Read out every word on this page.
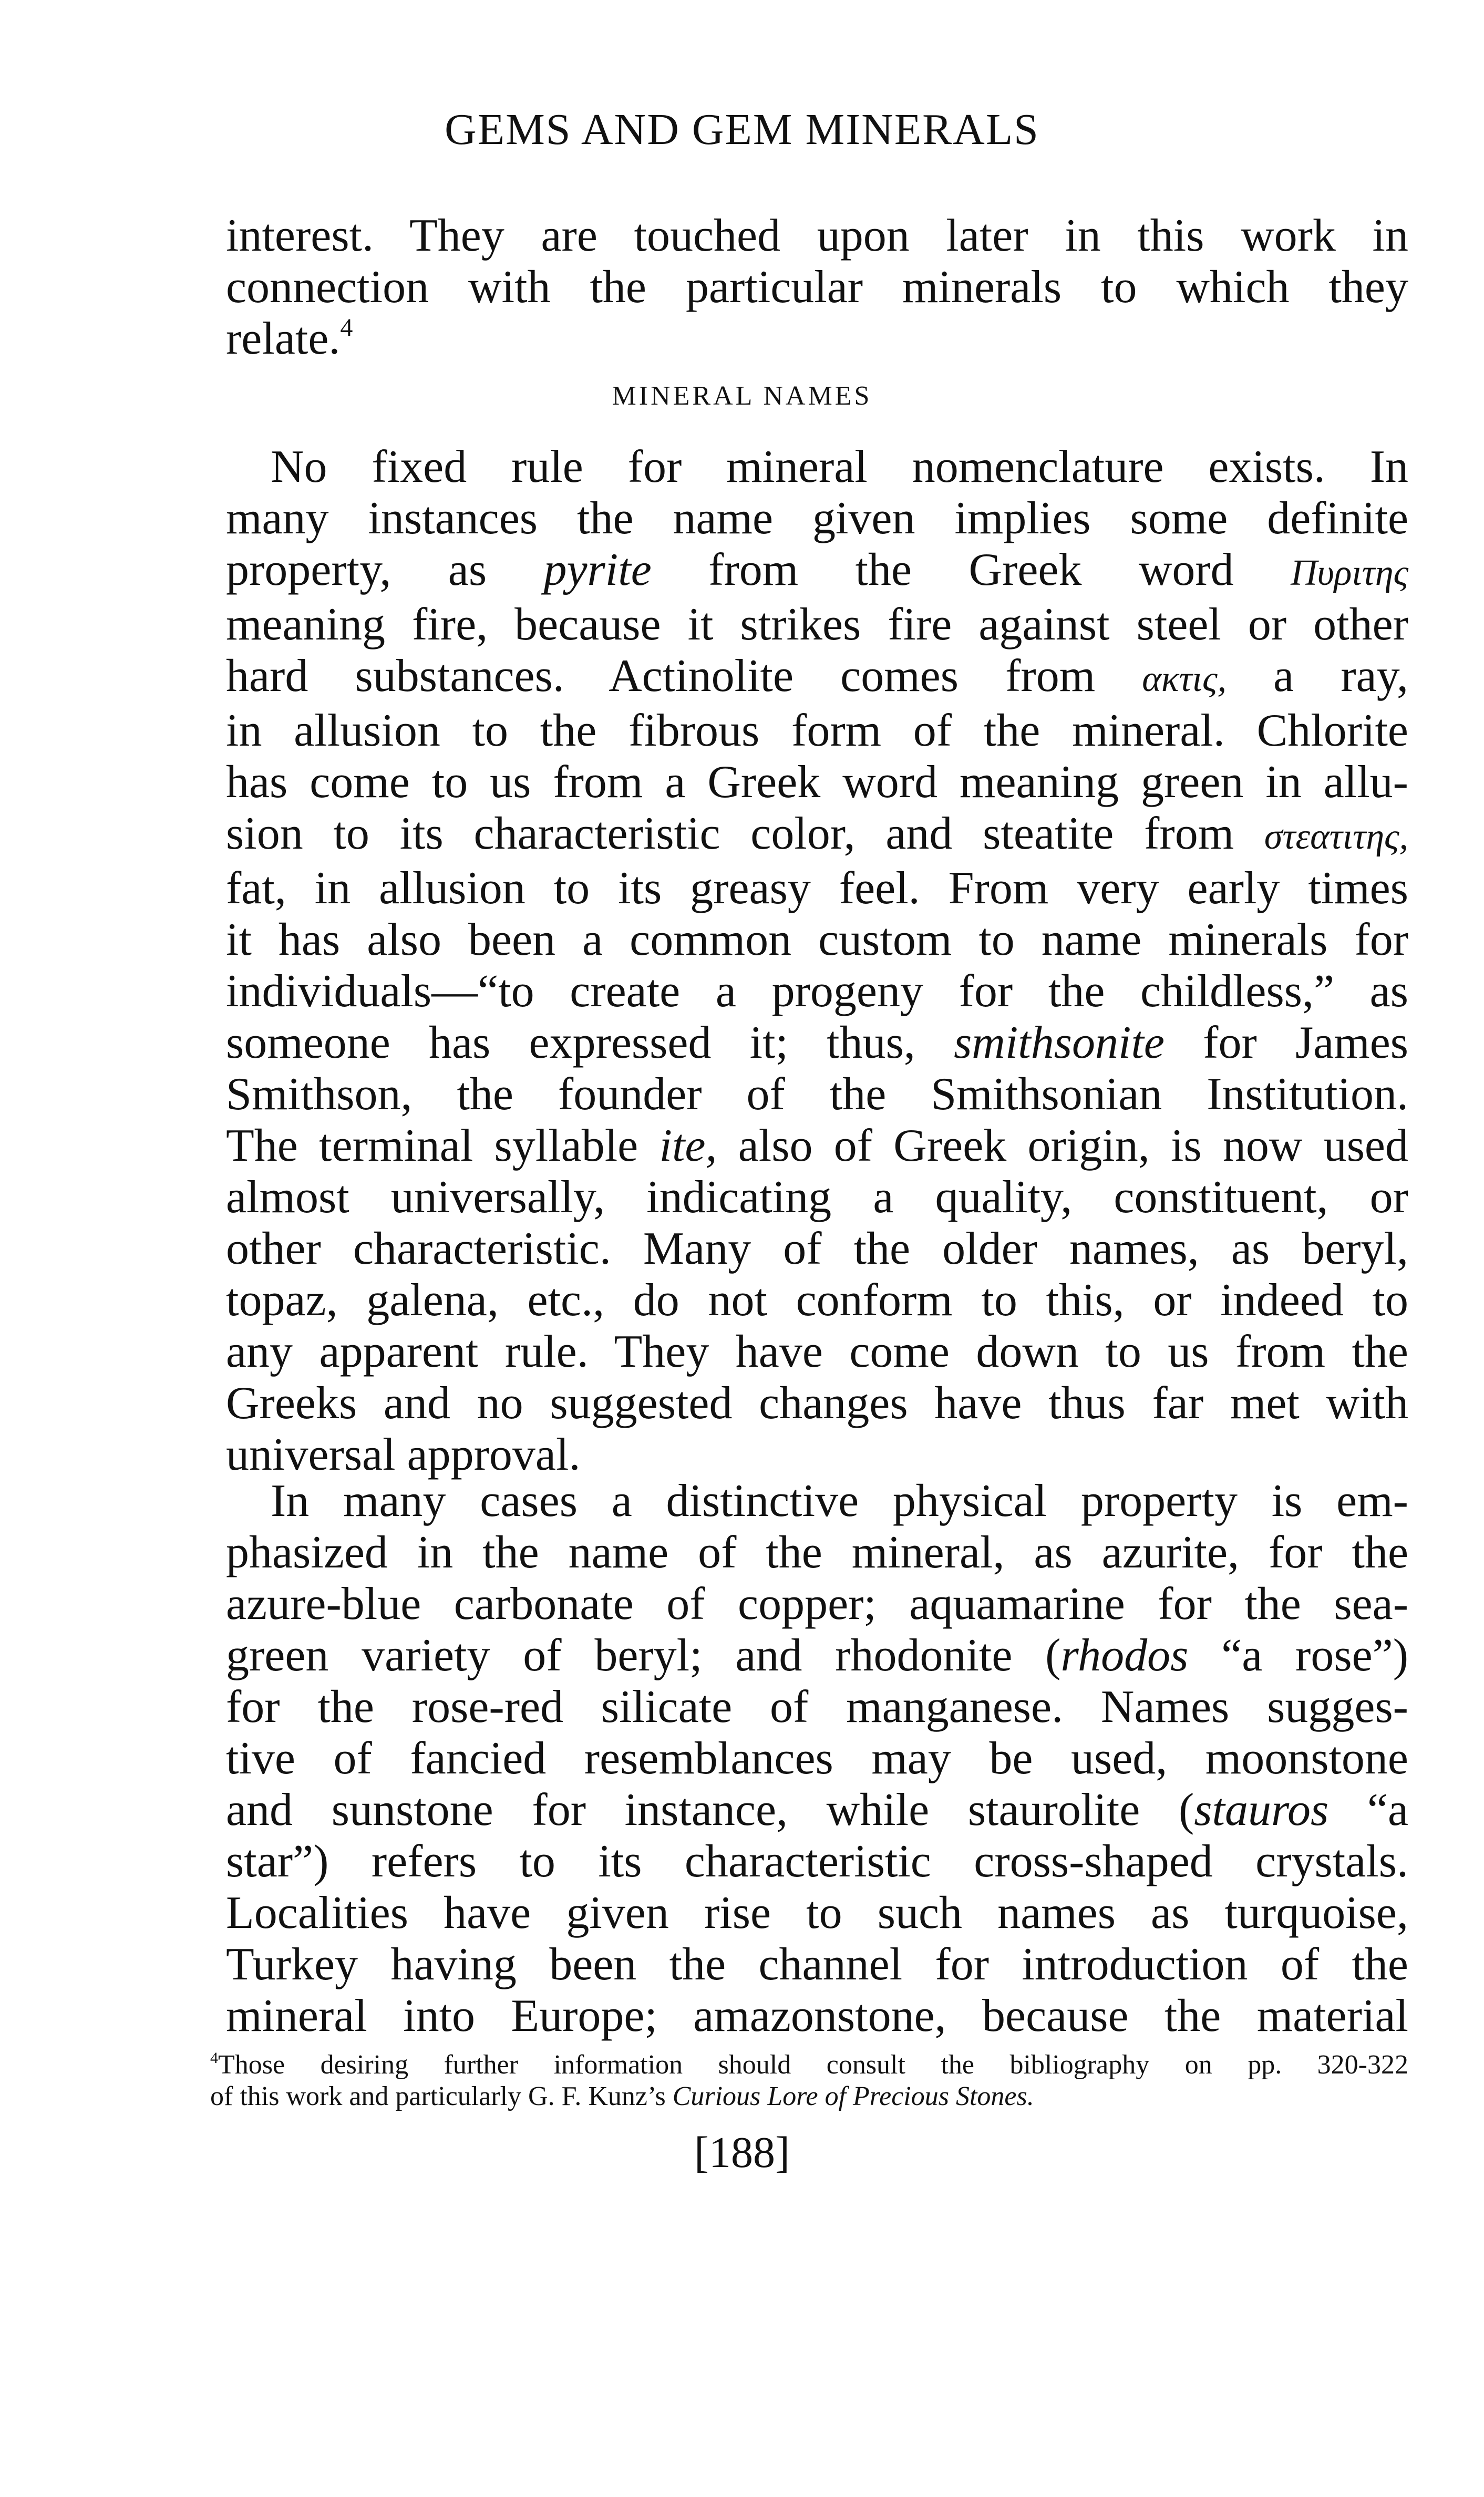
GEMS AND GEM MINERALS
interest. They are touched upon later in this work in
connection with the particular minerals to which they
relate.$^4$
MINERAL NAMES
No fixed rule for mineral nomenclature exists. In
many instances the name given implies some definite
property, as pyrite from the Greek word Πυριτης
meaning fire, because it strikes fire against steel or other
hard substances. Actinolite comes from ακτις, a ray,
in allusion to the fibrous form of the mineral. Chlorite
has come to us from a Greek word meaning green in allu-
sion to its characteristic color, and steatite from στεατιτης,
fat, in allusion to its greasy feel. From very early times
it has also been a common custom to name minerals for
individuals—“to create a progeny for the childless,” as
someone has expressed it; thus, smithsonite for James
Smithson, the founder of the Smithsonian Institution.
The terminal syllable ite, also of Greek origin, is now used
almost universally, indicating a quality, constituent, or
other characteristic. Many of the older names, as beryl,
topaz, galena, etc., do not conform to this, or indeed to
any apparent rule. They have come down to us from the
Greeks and no suggested changes have thus far met with
universal approval.
In many cases a distinctive physical property is em-
phasized in the name of the mineral, as azurite, for the
azure-blue carbonate of copper; aquamarine for the sea-
green variety of beryl; and rhodonite (rhodos “a rose”)
for the rose-red silicate of manganese. Names sugges-
tive of fancied resemblances may be used, moonstone
and sunstone for instance, while staurolite (stauros “a
star”) refers to its characteristic cross-shaped crystals.
Localities have given rise to such names as turquoise,
Turkey having been the channel for introduction of the
mineral into Europe; amazonstone, because the material
$^4$Those desiring further information should consult the bibliography on pp. 320-322
of this work and particularly G. F. Kunz’s Curious Lore of Precious Stones.
[188]
